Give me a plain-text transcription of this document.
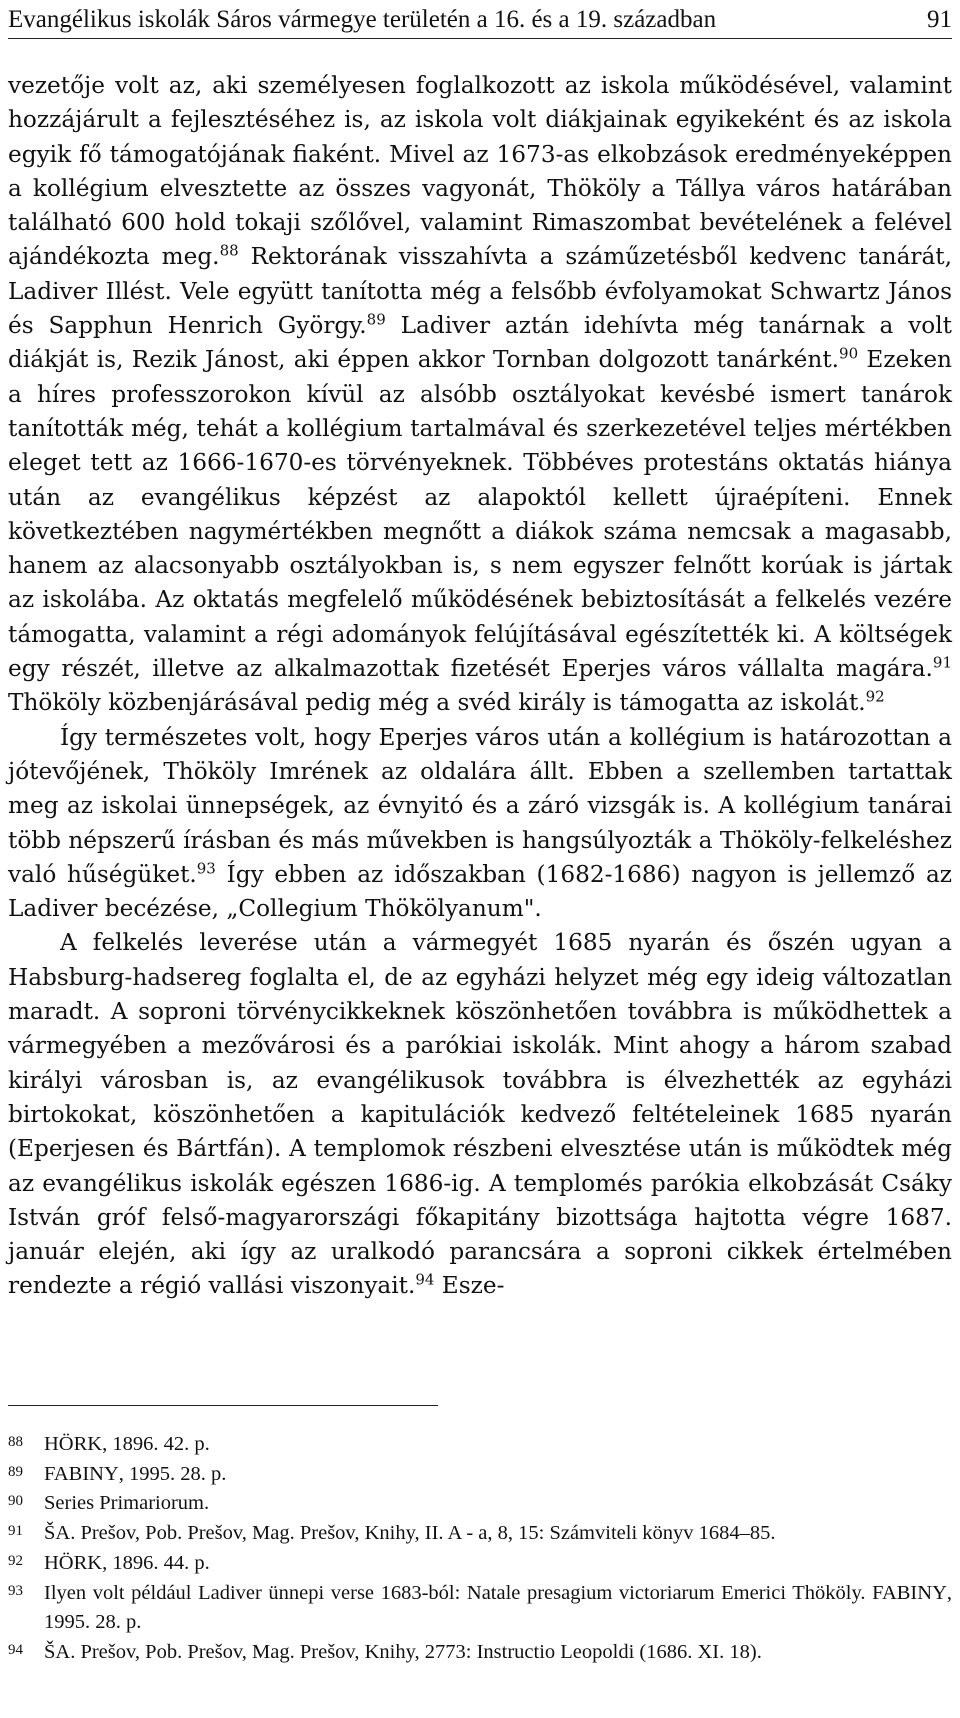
Evangélikus iskolák Sáros vármegye területén a 16. és a 19. században	91

vezetője volt az, aki személyesen foglalkozott az iskola működésével, valamint hozzájárult a fejlesztéséhez is, az iskola volt diákjainak egyikeként és az iskola egyik fő támogatójának fiaként. Mivel az 1673-as elkobzások eredményeképpen a kollégium elvesztette az összes vagyonát, Thököly a Tállya város határában található 600 hold tokaji szőlővel, valamint Rimaszombat bevételének a felével ajándékozta meg.$^{88}$ Rektorának visszahívta a száműzetésből kedvenc tanárát, Ladiver Illést. Vele együtt tanította még a felsőbb évfolyamokat Schwartz János és Sapphun Henrich György.$^{89}$ Ladiver aztán idehívta még tanárnak a volt diákját is, Rezik Jánost, aki éppen akkor Tornban dolgozott tanárként.$^{90}$ Ezeken a híres professzorokon kívül az alsóbb osztályokat kevésbé ismert tanárok tanították még, tehát a kollégium tartalmával és szerkezetével teljes mértékben eleget tett az 1666-1670-es törvényeknek. Többéves protestáns oktatás hiánya után az evangélikus képzést az alapoktól kellett újraépíteni. Ennek következtében nagymértékben megnőtt a diákok száma nemcsak a magasabb, hanem az alacsonyabb osztályokban is, s nem egyszer felnőtt korúak is jártak az iskolába. Az oktatás megfelelő működésének bebiztosítását a felkelés vezére támogatta, valamint a régi adományok felújításával egészítették ki. A költségek egy részét, illetve az alkalmazottak fizetését Eperjes város vállalta magára.$^{91}$ Thököly közbenjárásával pedig még a svéd király is támogatta az iskolát.$^{92}$

Így természetes volt, hogy Eperjes város után a kollégium is határozottan a jótevőjének, Thököly Imrének az oldalára állt. Ebben a szellemben tartattak meg az iskolai ünnepségek, az évnyitó és a záró vizsgák is. A kollégium tanárai több népszerű írásban és más művekben is hangsúlyozták a Thököly-felkeléshez való hűségüket.$^{93}$ Így ebben az időszakban (1682-1686) nagyon is jellemző az Ladiver becézése, „Collegium Thökölyanum".

A felkelés leverése után a vármegyét 1685 nyarán és őszén ugyan a Habsburg-hadsereg foglalta el, de az egyházi helyzet még egy ideig változatlan maradt. A soproni törvénycikkeknek köszönhetően továbbra is működhettek a vármegyében a mezővárosi és a parókiai iskolák. Mint ahogy a három szabad királyi városban is, az evangélikusok továbbra is élvezhették az egyházi birtokokat, köszönhetően a kapitulációk kedvező feltételeinek 1685 nyarán (Eperjesen és Bártfán). A templomok részbeni elvesztése után is működtek még az evangélikus iskolák egészen 1686-ig. A templomés parókia elkobzását Csáky István gróf felső-magyarországi főkapitány bizottsága hajtotta végre 1687. január elején, aki így az uralkodó parancsára a soproni cikkek értelmében rendezte a régió vallási viszonyait.$^{94}$ Esze-

88	HÖRK, 1896. 42. p.
89	FABINY, 1995. 28. p.
90	Series Primariorum.
91	ŠA. Prešov, Pob. Prešov, Mag. Prešov, Knihy, II. A - a, 8, 15: Számviteli könyv 1684–85.
92	HÖRK, 1896. 44. p.
93	Ilyen volt például Ladiver ünnepi verse 1683-ból: Natale presagium victoriarum Emerici Thököly. FABINY, 1995. 28. p.
94	ŠA. Prešov, Pob. Prešov, Mag. Prešov, Knihy, 2773: Instructio Leopoldi (1686. XI. 18).
